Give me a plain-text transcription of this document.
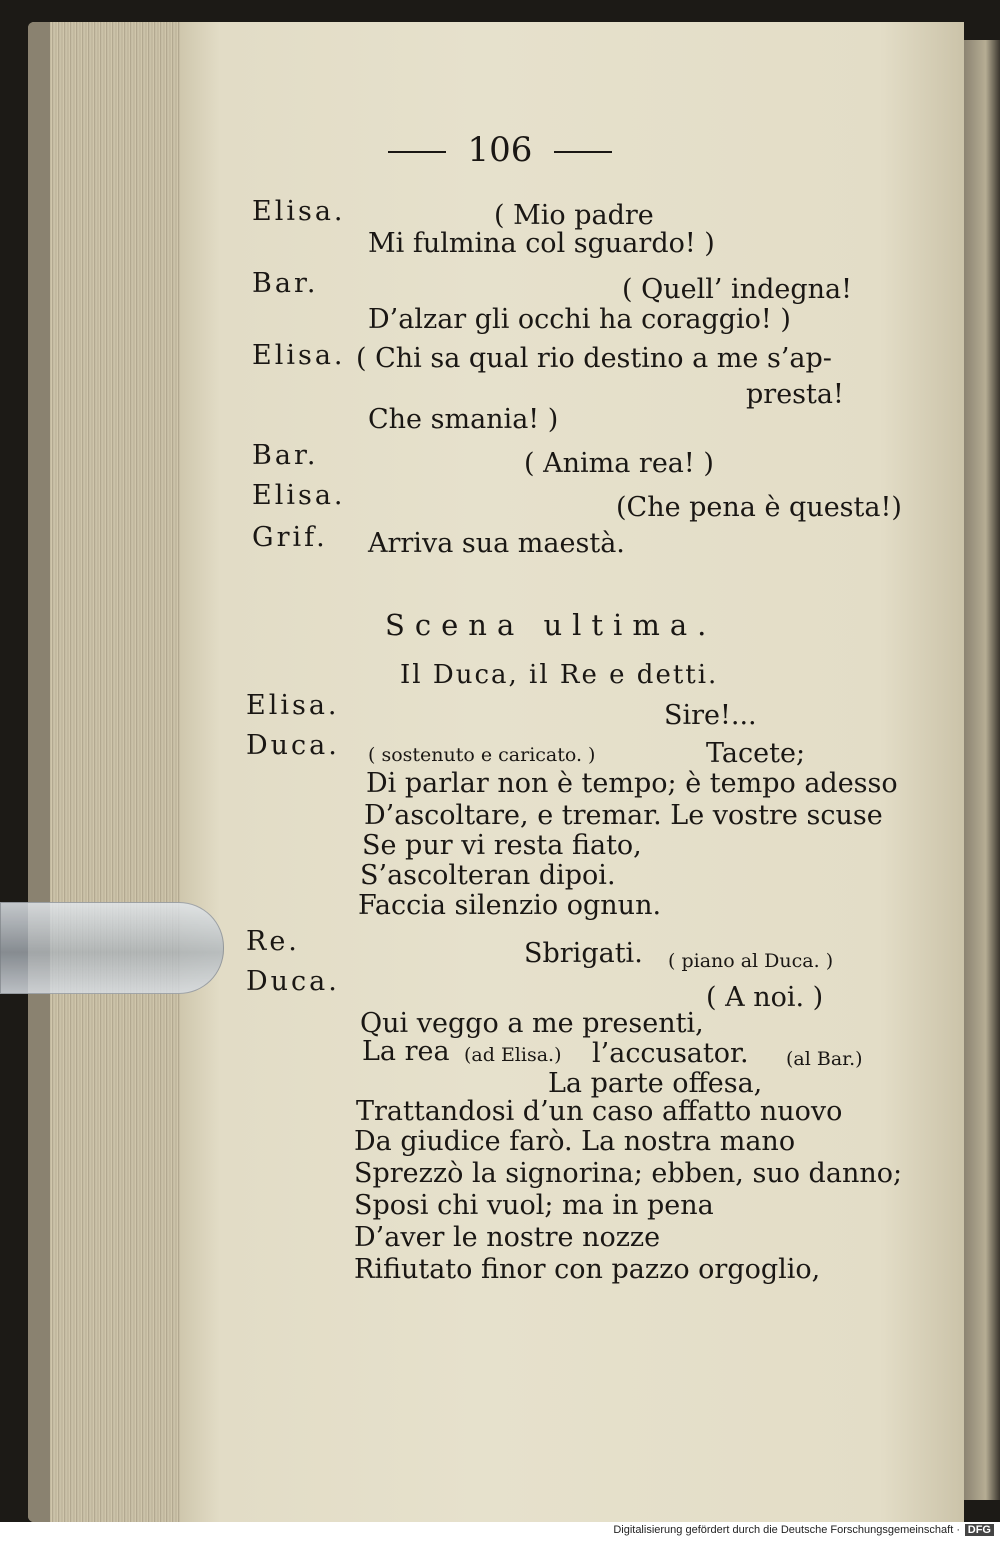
106
Elisa.	( Mio padre
Mi fulmina col sguardo! )
Bar.	( Quell’ indegna!
D’alzar gli occhi ha coraggio! )
Elisa. ( Chi sa qual rio destino a me s’ap-
presta!
Che smania! )
Bar.	( Anima rea! )
Elisa.	(Che pena è questa!)
Grif. Arriva sua maestà.
Scena ultima.
Il Duca, il Re e detti.
Elisa.	Sire!...
Duca. ( sostenuto e caricato. )	Tacete;
Di parlar non è tempo; è tempo adesso
D’ascoltare, e tremar. Le vostre scuse
Se pur vi resta fiato,
S’ascolteran dipoi.
Faccia silenzio ognun.
Re.	Sbrigati. ( piano al Duca. )
Duca.
( A noi. )
Qui veggo a me presenti,
La rea (ad Elisa.) l’accusator. (al Bar.)
La parte offesa,
Trattandosi d’un caso affatto nuovo
Da giudice farò. La nostra mano
Sprezzò la signorina; ebben, suo danno;
Sposi chi vuol; ma in pena
D’aver le nostre nozze
Rifiutato finor con pazzo orgoglio,
Digitalisierung gefördert durch die Deutsche Forschungsgemeinschaft · DFG
